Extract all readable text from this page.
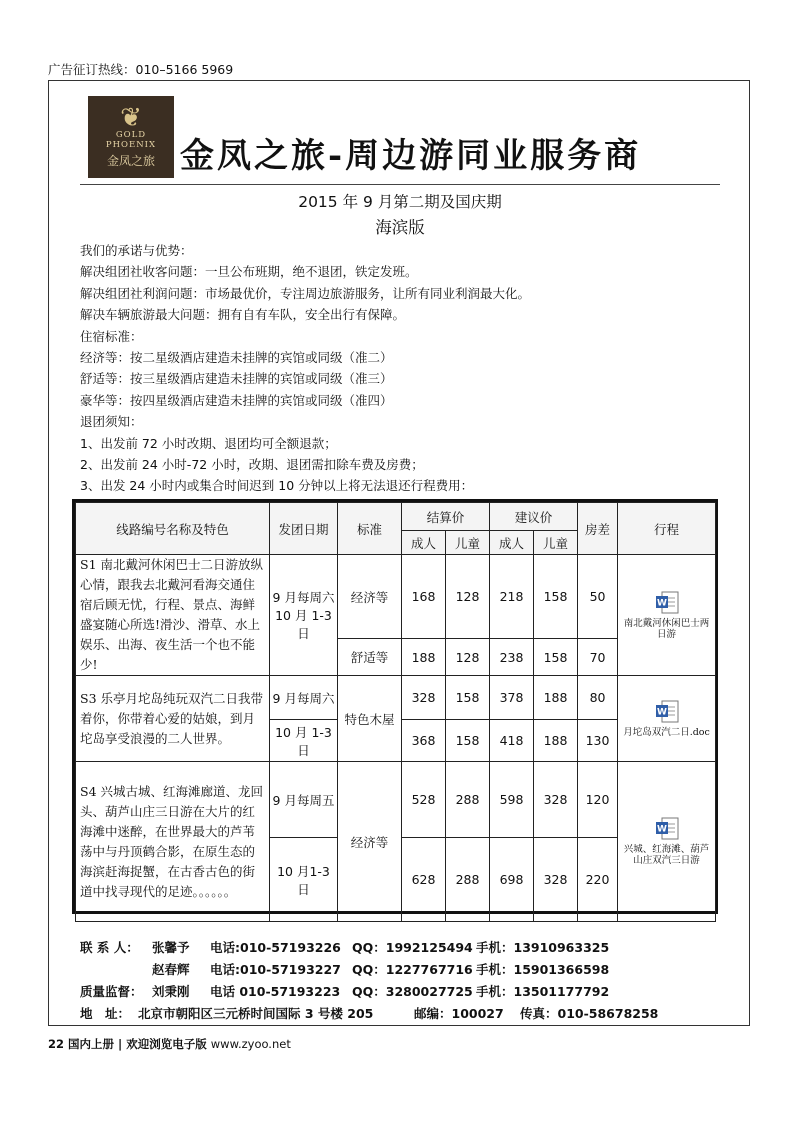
广告征订热线：010–5166 5969
❦
GOLD
PHOENIX
金凤之旅 金凤之旅-周边游同业服务商
2015 年 9 月第二期及国庆期
海滨版

我们的承诺与优势：

解决组团社收客问题：一旦公布班期，绝不退团，铁定发班。

解决组团社利润问题：市场最优价，专注周边旅游服务，让所有同业利润最大化。

解决车辆旅游最大问题：拥有自有车队，安全出行有保障。

住宿标准：

经济等：按二星级酒店建造未挂牌的宾馆或同级（准二）

舒适等：按三星级酒店建造未挂牌的宾馆或同级（准三）

豪华等：按四星级酒店建造未挂牌的宾馆或同级（准四）

退团须知：

1、出发前 72 小时改期、退团均可全额退款；

2、出发前 24 小时-72 小时，改期、退团需扣除车费及房费；

3、出发 24 小时内或集合时间迟到 10 分钟以上将无法退还行程费用：

线路编号名称及特色	发团日期	标准	结算价		建议价		房差	行程
			成人	儿童	成人	儿童		
S1 南北戴河休闲巴士二日游放纵心情，跟我去北戴河看海交通住宿后顾无忧，行程、景点、海鲜盛宴随心所选!滑沙、滑草、水上娱乐、出海、夜生活一个也不能少!	9 月每周六10 月 1-3 日	经济等	168	128	218	158	50	W
南北戴河休闲巴士两日游
		舒适等	188	128	238	158	70	
S3 乐亭月坨岛纯玩双汽二日我带着你，你带着心爱的姑娘，到月坨岛享受浪漫的二人世界。	9 月每周六	特色木屋	328	158	378	188	80	W
月坨岛双汽二日.doc
	10 月 1-3 日		368	158	418	188	130	
S4 兴城古城、红海滩廊道、龙回头、葫芦山庄三日游在大片的红海滩中迷醉，在世界最大的芦苇荡中与丹顶鹤合影，在原生态的海滨赶海捉蟹，在古香古色的街道中找寻现代的足迹。。。。。。	9 月每周五	经济等	528	288	598	328	120	W
兴城、红海滩、葫芦山庄双汽三日游
	10 月1-3 日		628	288	698	328	220	
联 系 人： 张馨予 电话:010-57193226 QQ：1992125494 手机：13910963325
赵春辉 电话:010-57193227 QQ：1227767716 手机：15901366598
质量监督： 刘秉刚 电话 010-57193223 QQ：3280027725 手机：13501177792
地　址： 北京市朝阳区三元桥时间国际 3 号楼 205	邮编：100027 传真：010-58678258
22 国内上册 | 欢迎浏览电子版 www.zyoo.net
